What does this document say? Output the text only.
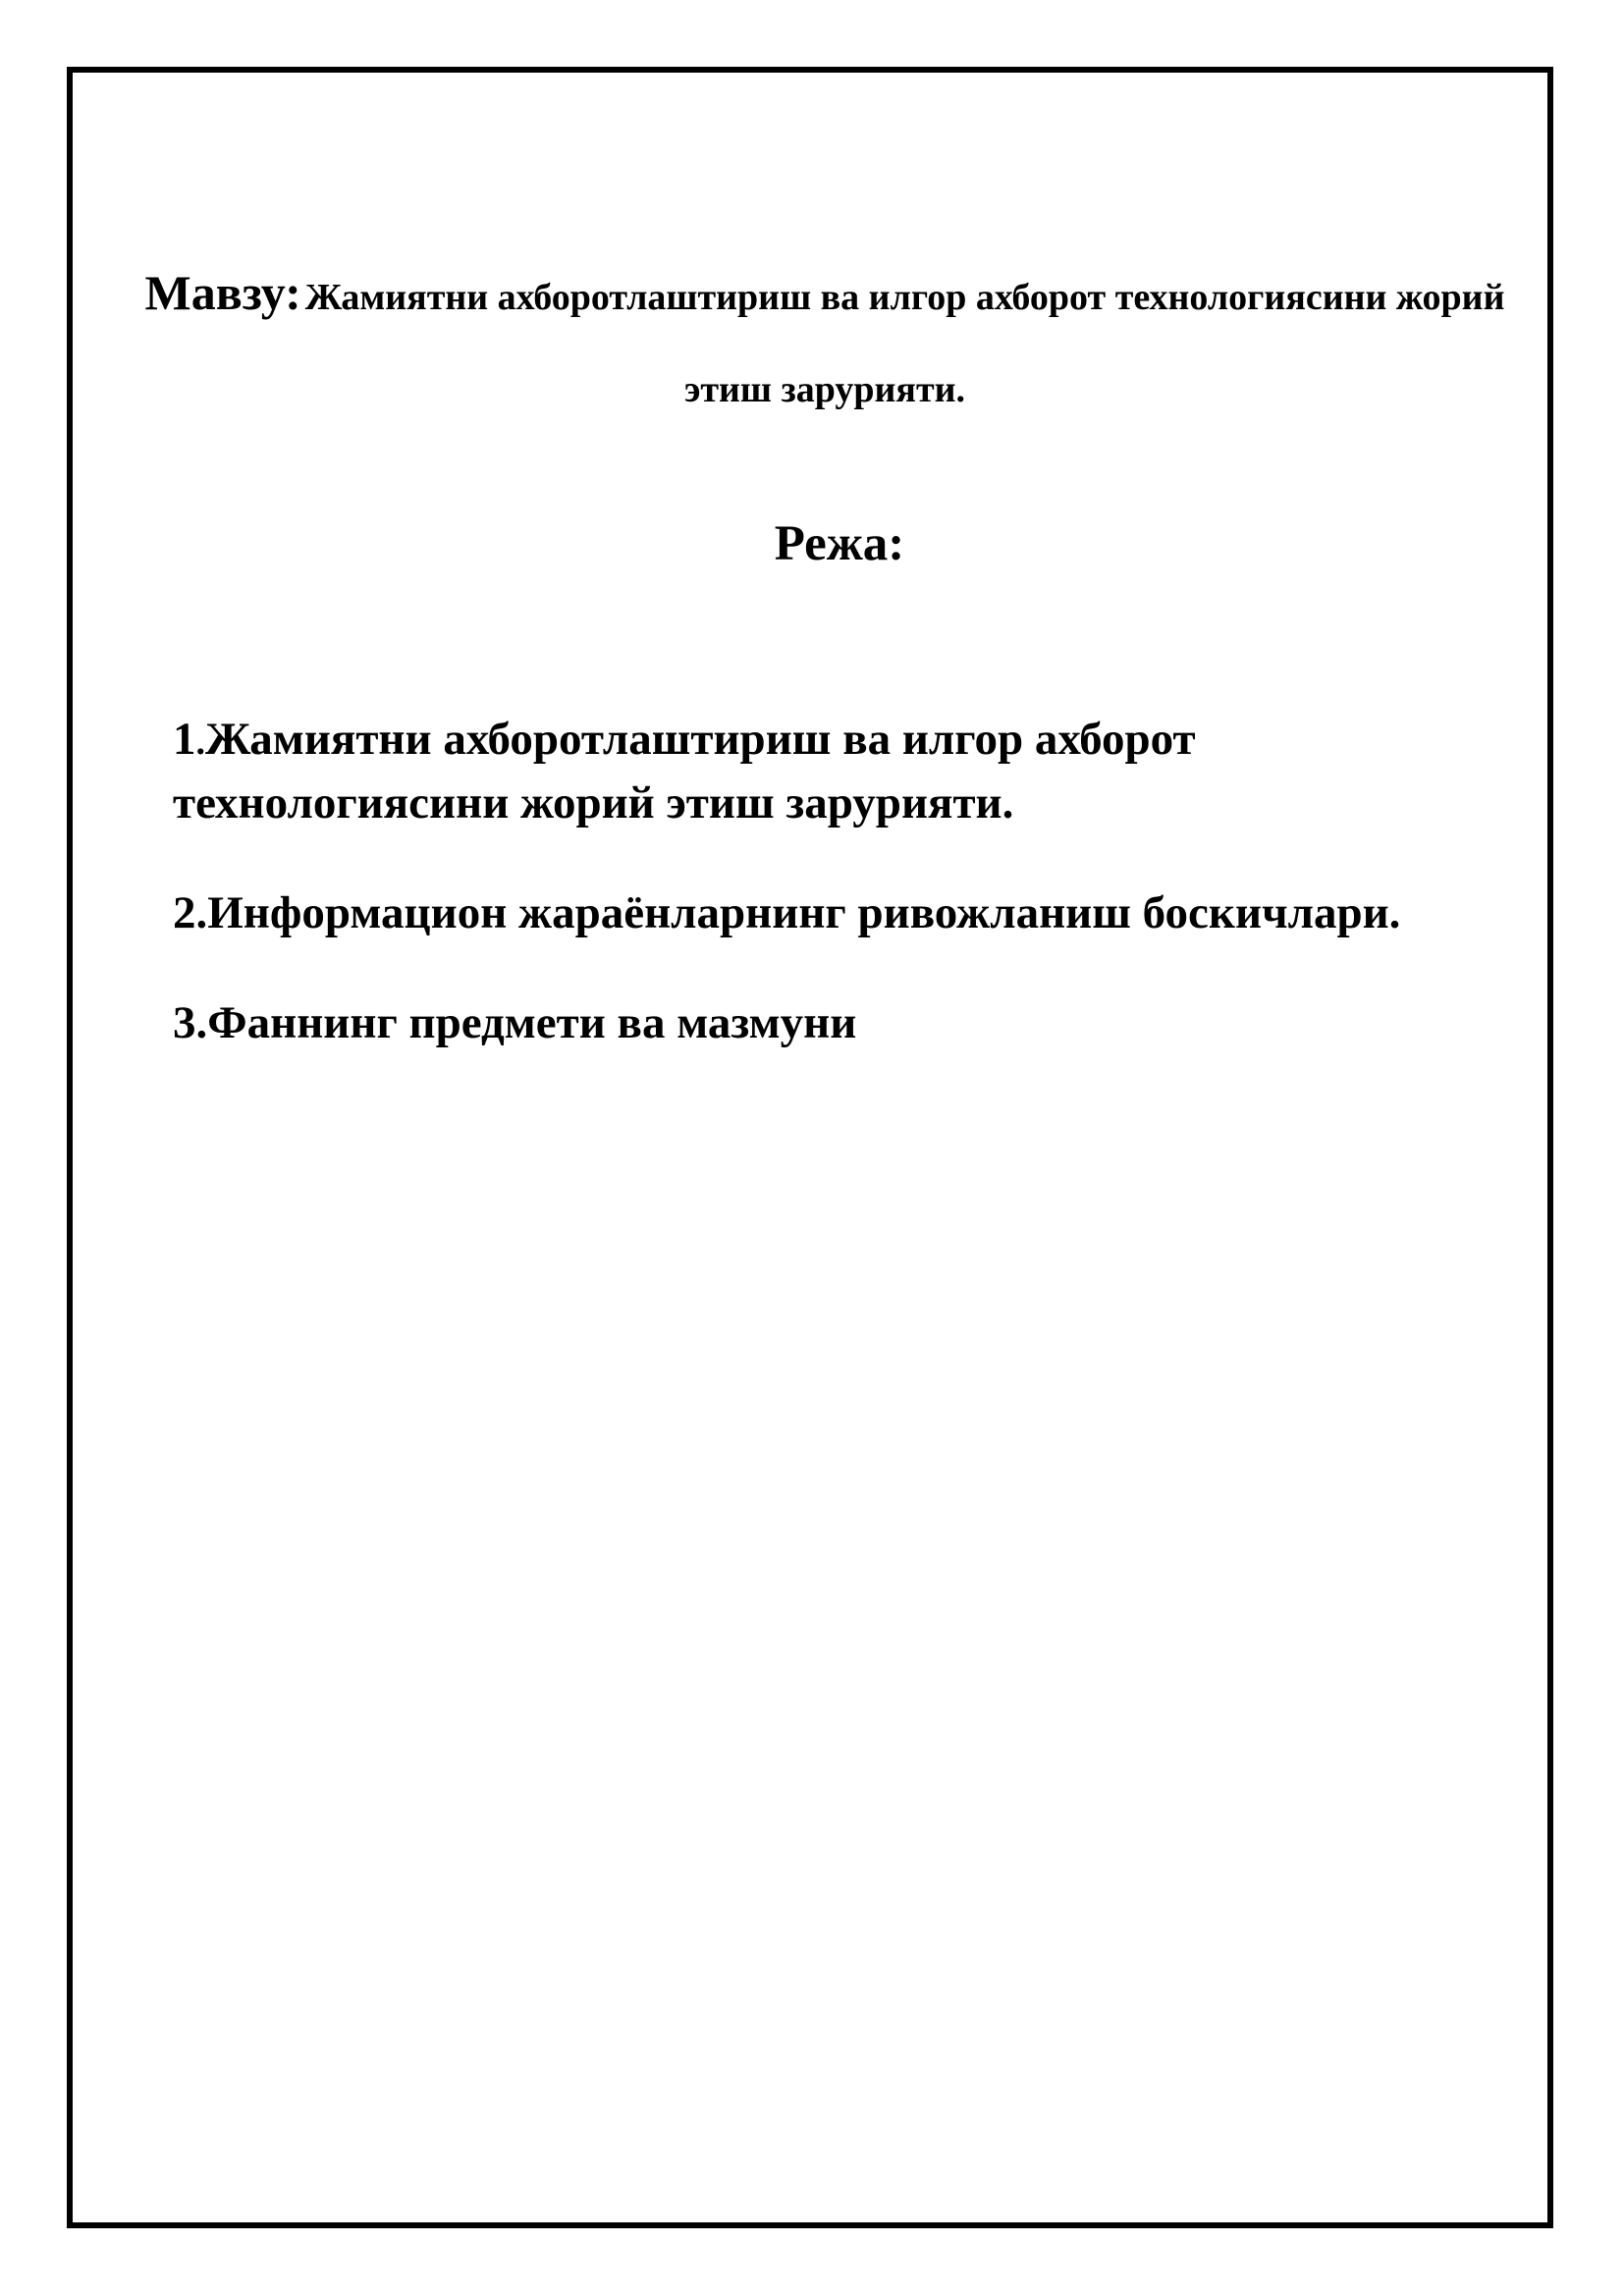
Мавзу: Жамиятни ахборотлаштириш ва илгор ахборот технологиясини жорий этиш зарурияти.
Режа:
1.Жамиятни ахборотлаштириш ва илгор ахборот технологиясини жорий этиш зарурияти.
2.Информацион жараёнларнинг ривожланиш боскичлари.
3.Фаннинг предмети ва мазмуни
